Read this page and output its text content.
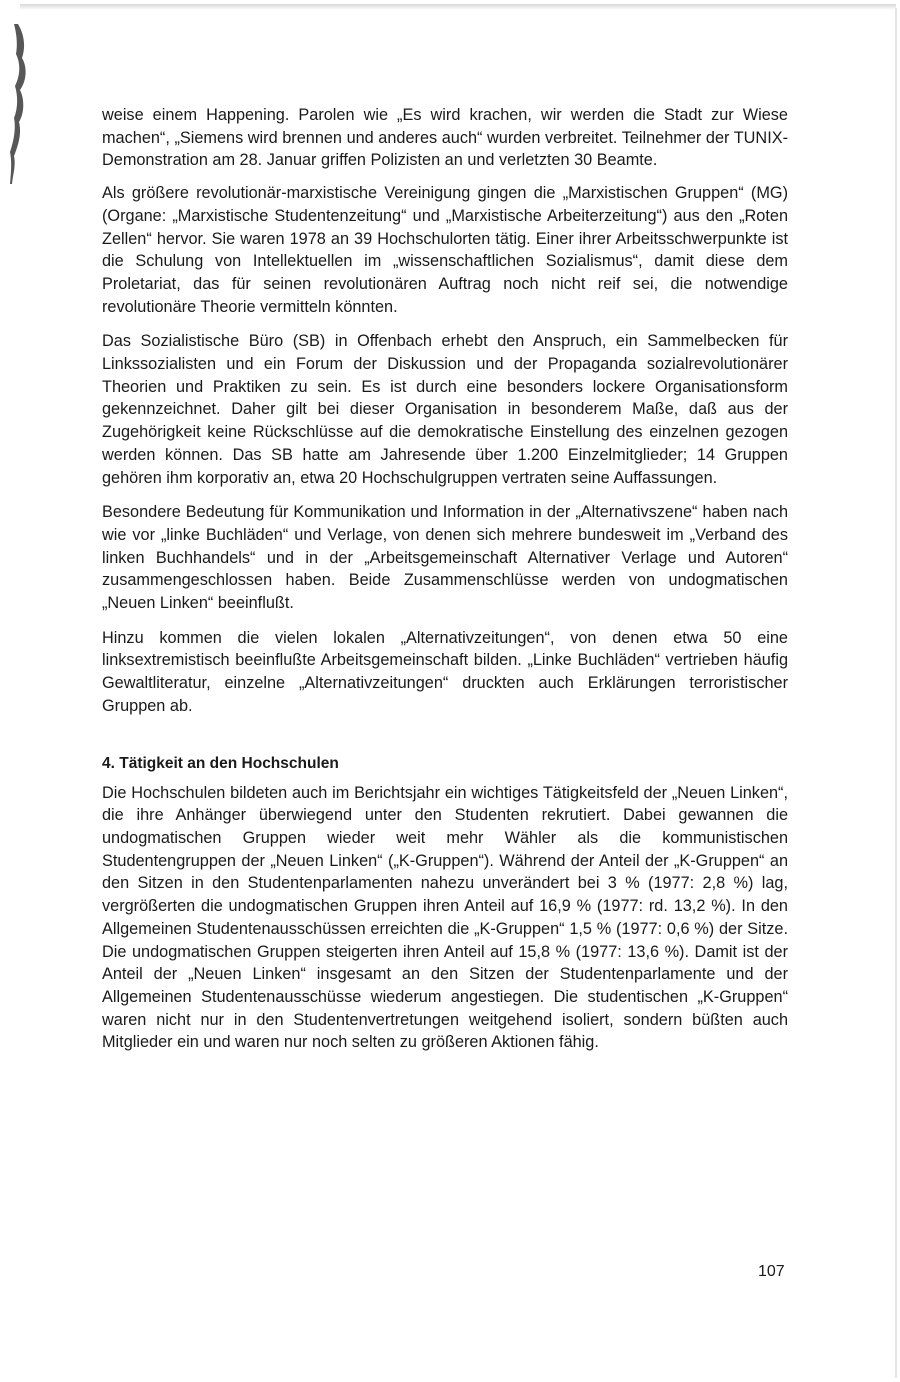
weise einem Happening. Parolen wie „Es wird krachen, wir werden die Stadt zur Wiese machen“, „Siemens wird brennen und anderes auch“ wurden verbreitet. Teilnehmer der TUNIX-Demonstration am 28. Januar griffen Polizisten an und verletzten 30 Beamte.

Als größere revolutionär-marxistische Vereinigung gingen die „Marxistischen Gruppen“ (MG) (Organe: „Marxistische Studentenzeitung“ und „Marxistische Arbeiterzeitung“) aus den „Roten Zellen“ hervor. Sie waren 1978 an 39 Hochschulorten tätig. Einer ihrer Arbeitsschwerpunkte ist die Schulung von Intellektuellen im „wissenschaftlichen Sozialismus“, damit diese dem Proletariat, das für seinen revolutionären Auftrag noch nicht reif sei, die notwendige revolutionäre Theorie vermitteln könnten.

Das Sozialistische Büro (SB) in Offenbach erhebt den Anspruch, ein Sammelbecken für Linkssozialisten und ein Forum der Diskussion und der Propaganda sozialrevolutionärer Theorien und Praktiken zu sein. Es ist durch eine besonders lockere Organisationsform gekennzeichnet. Daher gilt bei dieser Organisation in besonderem Maße, daß aus der Zugehörigkeit keine Rückschlüsse auf die demokratische Einstellung des einzelnen gezogen werden können. Das SB hatte am Jahresende über 1.200 Einzelmitglieder; 14 Gruppen gehören ihm korporativ an, etwa 20 Hochschulgruppen vertraten seine Auffassungen.

Besondere Bedeutung für Kommunikation und Information in der „Alternativszene“ haben nach wie vor „linke Buchläden“ und Verlage, von denen sich mehrere bundesweit im „Verband des linken Buchhandels“ und in der „Arbeitsgemeinschaft Alternativer Verlage und Autoren“ zusammengeschlossen haben. Beide Zusammenschlüsse werden von undogmatischen „Neuen Linken“ beeinflußt.

Hinzu kommen die vielen lokalen „Alternativzeitungen“, von denen etwa 50 eine linksextremistisch beeinflußte Arbeitsgemeinschaft bilden. „Linke Buchläden“ vertrieben häufig Gewaltliteratur, einzelne „Alternativzeitungen“ druckten auch Erklärungen terroristischer Gruppen ab.

4. Tätigkeit an den Hochschulen

Die Hochschulen bildeten auch im Berichtsjahr ein wichtiges Tätigkeitsfeld der „Neuen Linken“, die ihre Anhänger überwiegend unter den Studenten rekrutiert. Dabei gewannen die undogmatischen Gruppen wieder weit mehr Wähler als die kommunistischen Studentengruppen der „Neuen Linken“ („K-Gruppen“). Während der Anteil der „K-Gruppen“ an den Sitzen in den Studentenparlamenten nahezu unverändert bei 3 % (1977: 2,8 %) lag, vergrößerten die undogmatischen Gruppen ihren Anteil auf 16,9 % (1977: rd. 13,2 %). In den Allgemeinen Studentenausschüssen erreichten die „K-Gruppen“ 1,5 % (1977: 0,6 %) der Sitze. Die undogmatischen Gruppen steigerten ihren Anteil auf 15,8 % (1977: 13,6 %). Damit ist der Anteil der „Neuen Linken“ insgesamt an den Sitzen der Studentenparlamente und der Allgemeinen Studentenausschüsse wiederum angestiegen. Die studentischen „K-Gruppen“ waren nicht nur in den Studentenvertretungen weitgehend isoliert, sondern büßten auch Mitglieder ein und waren nur noch selten zu größeren Aktionen fähig.

107
